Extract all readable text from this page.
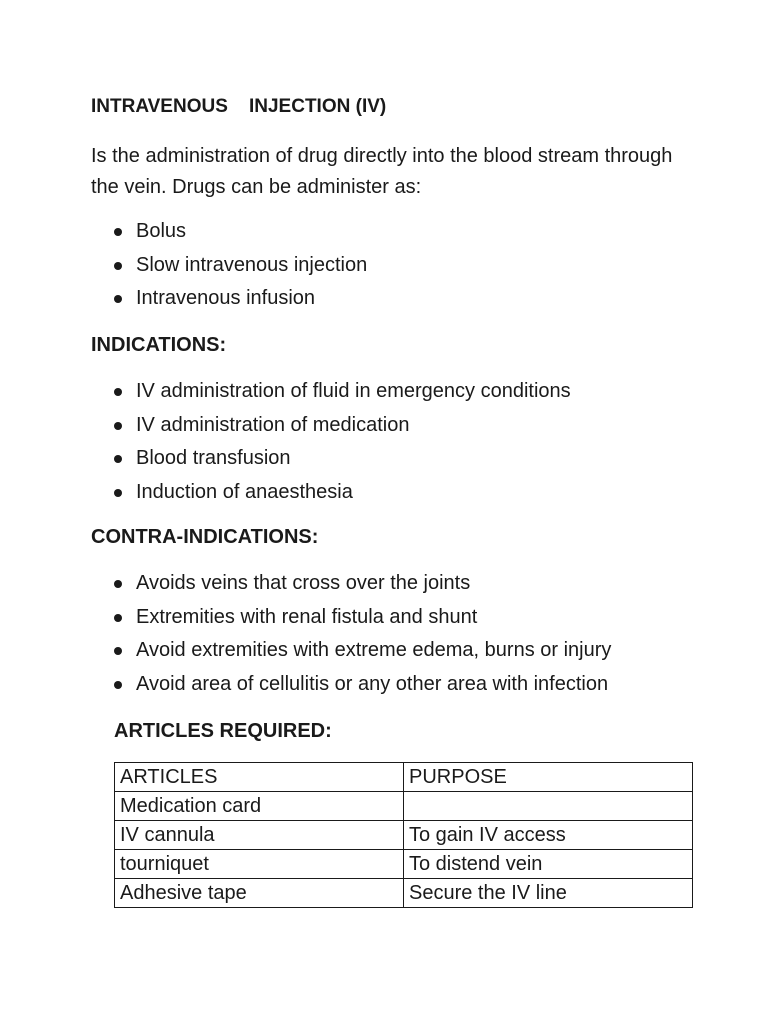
INTRAVENOUS    INJECTION (IV)

Is the administration of drug directly into the blood stream through the vein. Drugs can be administer as:

Bolus
Slow intravenous injection
Intravenous infusion
INDICATIONS:
IV administration of fluid in emergency conditions
IV administration of medication
Blood transfusion
Induction of anaesthesia
CONTRA-INDICATIONS:
Avoids veins that cross over the joints
Extremities with renal fistula and shunt
Avoid extremities with extreme edema, burns or injury
Avoid area of cellulitis or any other area with infection
ARTICLES REQUIRED:
ARTICLES	PURPOSE
Medication card	
IV cannula	To gain IV access
tourniquet	To distend vein
Adhesive tape	Secure the IV line
